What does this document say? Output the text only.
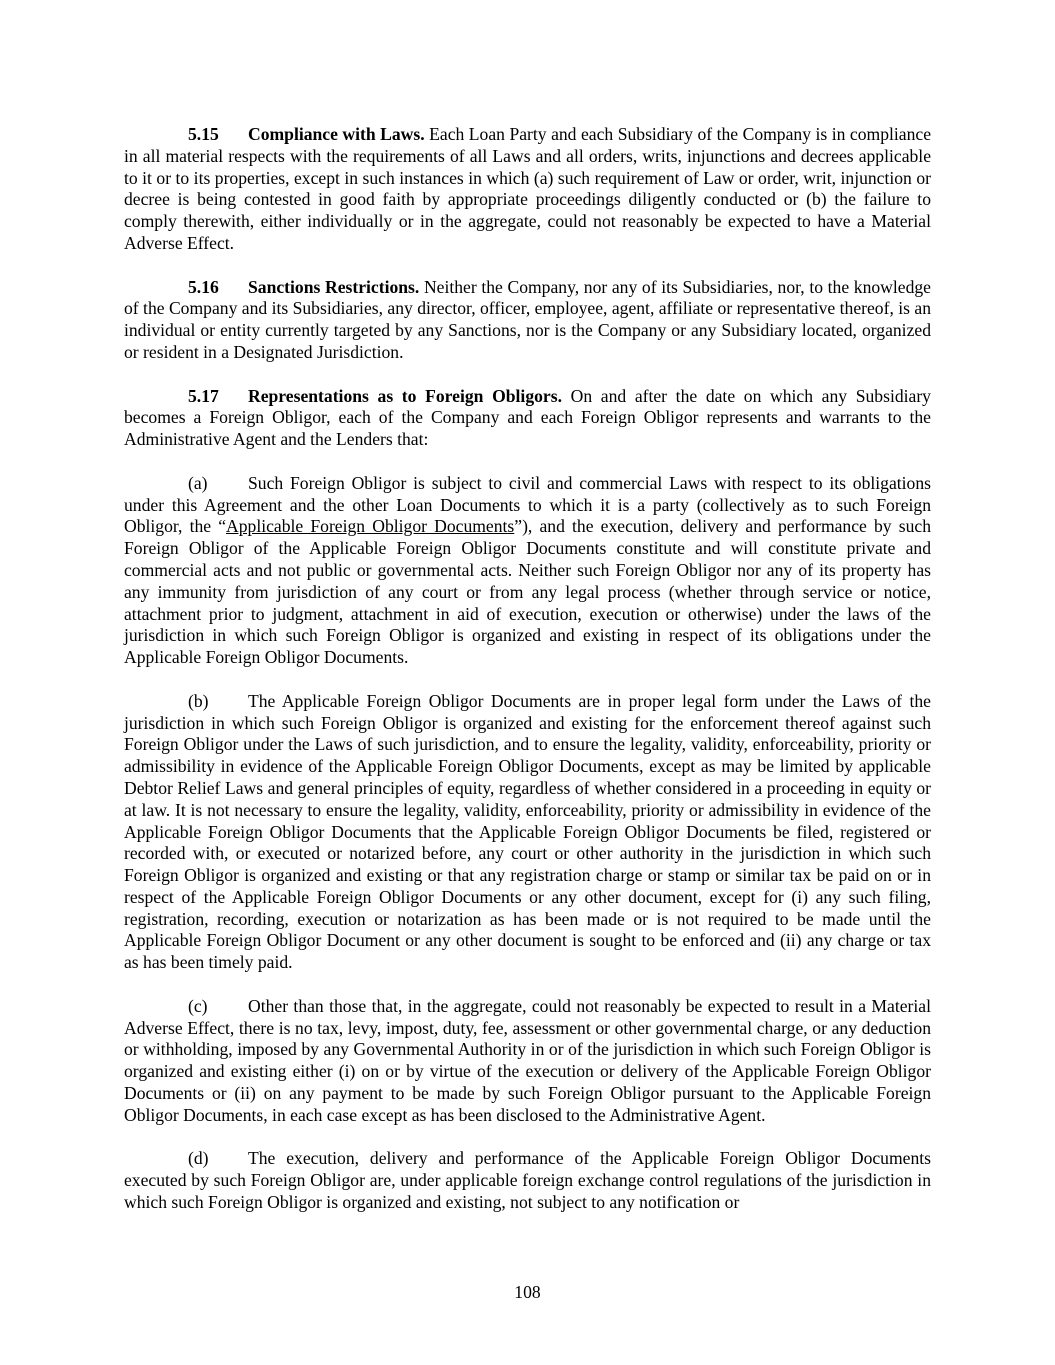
5.15 Compliance with Laws. Each Loan Party and each Subsidiary of the Company is in compliance in all material respects with the requirements of all Laws and all orders, writs, injunctions and decrees applicable to it or to its properties, except in such instances in which (a) such requirement of Law or order, writ, injunction or decree is being contested in good faith by appropriate proceedings diligently conducted or (b) the failure to comply therewith, either individually or in the aggregate, could not reasonably be expected to have a Material Adverse Effect.

5.16 Sanctions Restrictions. Neither the Company, nor any of its Subsidiaries, nor, to the knowledge of the Company and its Subsidiaries, any director, officer, employee, agent, affiliate or representative thereof, is an individual or entity currently targeted by any Sanctions, nor is the Company or any Subsidiary located, organized or resident in a Designated Jurisdiction.

5.17 Representations as to Foreign Obligors. On and after the date on which any Subsidiary becomes a Foreign Obligor, each of the Company and each Foreign Obligor represents and warrants to the Administrative Agent and the Lenders that:

(a) Such Foreign Obligor is subject to civil and commercial Laws with respect to its obligations under this Agreement and the other Loan Documents to which it is a party (collectively as to such Foreign Obligor, the “Applicable Foreign Obligor Documents”), and the execution, delivery and performance by such Foreign Obligor of the Applicable Foreign Obligor Documents constitute and will constitute private and commercial acts and not public or governmental acts. Neither such Foreign Obligor nor any of its property has any immunity from jurisdiction of any court or from any legal process (whether through service or notice, attachment prior to judgment, attachment in aid of execution, execution or otherwise) under the laws of the jurisdiction in which such Foreign Obligor is organized and existing in respect of its obligations under the Applicable Foreign Obligor Documents.

(b) The Applicable Foreign Obligor Documents are in proper legal form under the Laws of the jurisdiction in which such Foreign Obligor is organized and existing for the enforcement thereof against such Foreign Obligor under the Laws of such jurisdiction, and to ensure the legality, validity, enforceability, priority or admissibility in evidence of the Applicable Foreign Obligor Documents, except as may be limited by applicable Debtor Relief Laws and general principles of equity, regardless of whether considered in a proceeding in equity or at law. It is not necessary to ensure the legality, validity, enforceability, priority or admissibility in evidence of the Applicable Foreign Obligor Documents that the Applicable Foreign Obligor Documents be filed, registered or recorded with, or executed or notarized before, any court or other authority in the jurisdiction in which such Foreign Obligor is organized and existing or that any registration charge or stamp or similar tax be paid on or in respect of the Applicable Foreign Obligor Documents or any other document, except for (i) any such filing, registration, recording, execution or notarization as has been made or is not required to be made until the Applicable Foreign Obligor Document or any other document is sought to be enforced and (ii) any charge or tax as has been timely paid.

(c) Other than those that, in the aggregate, could not reasonably be expected to result in a Material Adverse Effect, there is no tax, levy, impost, duty, fee, assessment or other governmental charge, or any deduction or withholding, imposed by any Governmental Authority in or of the jurisdiction in which such Foreign Obligor is organized and existing either (i) on or by virtue of the execution or delivery of the Applicable Foreign Obligor Documents or (ii) on any payment to be made by such Foreign Obligor pursuant to the Applicable Foreign Obligor Documents, in each case except as has been disclosed to the Administrative Agent.

(d) The execution, delivery and performance of the Applicable Foreign Obligor Documents executed by such Foreign Obligor are, under applicable foreign exchange control regulations of the jurisdiction in which such Foreign Obligor is organized and existing, not subject to any notification or

108
